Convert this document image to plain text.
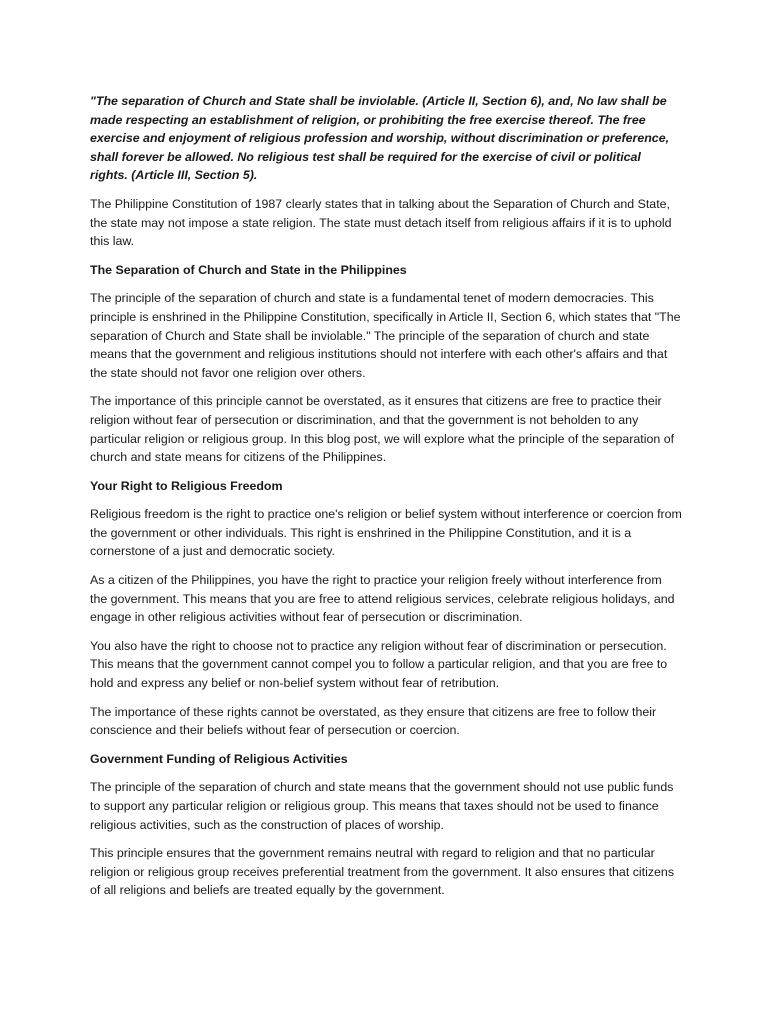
"The separation of Church and State shall be inviolable. (Article II, Section 6), and, No law shall be made respecting an establishment of religion, or prohibiting the free exercise thereof. The free exercise and enjoyment of religious profession and worship, without discrimination or preference, shall forever be allowed. No religious test shall be required for the exercise of civil or political rights. (Article III, Section 5).

The Philippine Constitution of 1987 clearly states that in talking about the Separation of Church and State, the state may not impose a state religion. The state must detach itself from religious affairs if it is to uphold this law.

The Separation of Church and State in the Philippines

The principle of the separation of church and state is a fundamental tenet of modern democracies. This principle is enshrined in the Philippine Constitution, specifically in Article II, Section 6, which states that "The separation of Church and State shall be inviolable." The principle of the separation of church and state means that the government and religious institutions should not interfere with each other's affairs and that the state should not favor one religion over others.

The importance of this principle cannot be overstated, as it ensures that citizens are free to practice their religion without fear of persecution or discrimination, and that the government is not beholden to any particular religion or religious group. In this blog post, we will explore what the principle of the separation of church and state means for citizens of the Philippines.

Your Right to Religious Freedom

Religious freedom is the right to practice one's religion or belief system without interference or coercion from the government or other individuals. This right is enshrined in the Philippine Constitution, and it is a cornerstone of a just and democratic society.

As a citizen of the Philippines, you have the right to practice your religion freely without interference from the government. This means that you are free to attend religious services, celebrate religious holidays, and engage in other religious activities without fear of persecution or discrimination.

You also have the right to choose not to practice any religion without fear of discrimination or persecution. This means that the government cannot compel you to follow a particular religion, and that you are free to hold and express any belief or non-belief system without fear of retribution.

The importance of these rights cannot be overstated, as they ensure that citizens are free to follow their conscience and their beliefs without fear of persecution or coercion.

Government Funding of Religious Activities

The principle of the separation of church and state means that the government should not use public funds to support any particular religion or religious group. This means that taxes should not be used to finance religious activities, such as the construction of places of worship.

This principle ensures that the government remains neutral with regard to religion and that no particular religion or religious group receives preferential treatment from the government. It also ensures that citizens of all religions and beliefs are treated equally by the government.
